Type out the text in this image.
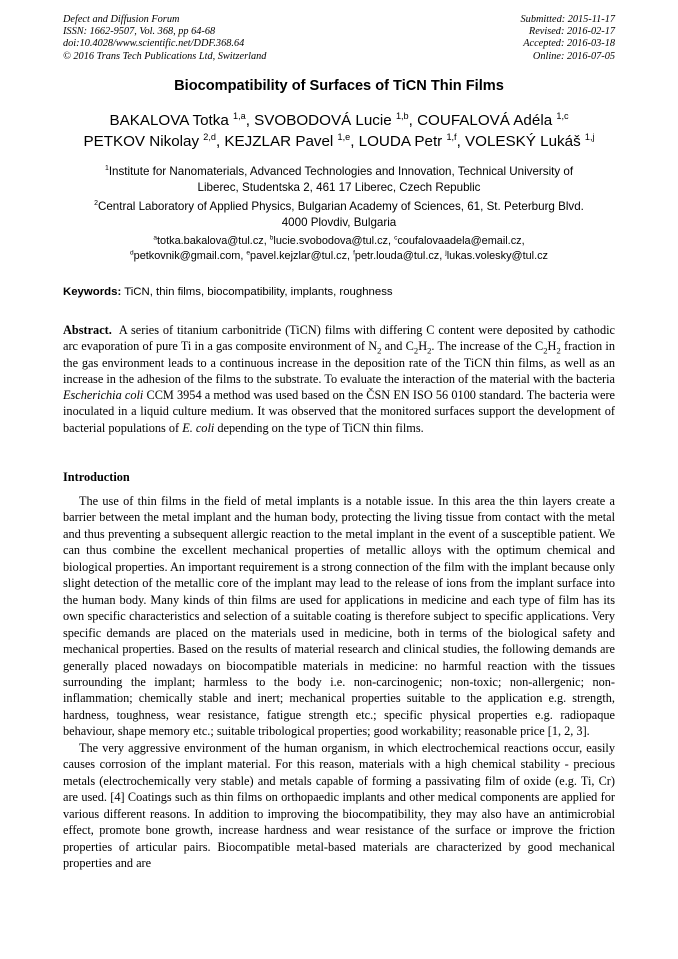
Defect and Diffusion Forum
ISSN: 1662-9507, Vol. 368, pp 64-68
doi:10.4028/www.scientific.net/DDF.368.64
© 2016 Trans Tech Publications Ltd, Switzerland
Submitted: 2015-11-17
Revised: 2016-02-17
Accepted: 2016-03-18
Online: 2016-07-05
Biocompatibility of Surfaces of TiCN Thin Films
BAKALOVA Totka $^{1,a}$, SVOBODOVÁ Lucie $^{1,b}$, COUFALOVÁ Adéla $^{1,c}$
PETKOV Nikolay $^{2,d}$, KEJZLAR Pavel $^{1,e}$, LOUDA Petr $^{1,f}$, VOLESKÝ Lukáš $^{1,j}$
$^1$Institute for Nanomaterials, Advanced Technologies and Innovation, Technical University of
Liberec, Studentska 2, 461 17 Liberec, Czech Republic
$^2$Central Laboratory of Applied Physics, Bulgarian Academy of Sciences, 61, St. Peterburg Blvd.
4000 Plovdiv, Bulgaria
$^a$totka.bakalova@tul.cz, $^b$lucie.svobodova@tul.cz, $^c$coufalovaadela@email.cz,
$^d$petkovnik@gmail.com, $^e$pavel.kejzlar@tul.cz, $^f$petr.louda@tul.cz, $^j$lukas.volesky@tul.cz
Keywords: TiCN, thin films, biocompatibility, implants, roughness
Abstract. A series of titanium carbonitride (TiCN) films with differing C content were deposited by cathodic arc evaporation of pure Ti in a gas composite environment of $N_2$ and $C_2H_2$. The increase of the $C_2H_2$ fraction in the gas environment leads to a continuous increase in the deposition rate of the TiCN thin films, as well as an increase in the adhesion of the films to the substrate. To evaluate the interaction of the material with the bacteria Escherichia coli CCM 3954 a method was used based on the ČSN EN ISO 56 0100 standard. The bacteria were inoculated in a liquid culture medium. It was observed that the monitored surfaces support the development of bacterial populations of E. coli depending on the type of TiCN thin films.
Introduction

The use of thin films in the field of metal implants is a notable issue. In this area the thin layers create a barrier between the metal implant and the human body, protecting the living tissue from contact with the metal and thus preventing a subsequent allergic reaction to the metal implant in the event of a susceptible patient. We can thus combine the excellent mechanical properties of metallic alloys with the optimum chemical and biological properties. An important requirement is a strong connection of the film with the implant because only slight detection of the metallic core of the implant may lead to the release of ions from the implant surface into the human body. Many kinds of thin films are used for applications in medicine and each type of film has its own specific characteristics and selection of a suitable coating is therefore subject to specific applications. Very specific demands are placed on the materials used in medicine, both in terms of the biological safety and mechanical properties. Based on the results of material research and clinical studies, the following demands are generally placed nowadays on biocompatible materials in medicine: no harmful reaction with the tissues surrounding the implant; harmless to the body i.e. non-carcinogenic; non-toxic; non-allergenic; non-inflammation; chemically stable and inert; mechanical properties suitable to the application e.g. strength, hardness, toughness, wear resistance, fatigue strength etc.; specific physical properties e.g. radiopaque behaviour, shape memory etc.; suitable tribological properties; good workability; reasonable price [1, 2, 3].

The very aggressive environment of the human organism, in which electrochemical reactions occur, easily causes corrosion of the implant material. For this reason, materials with a high chemical stability - precious metals (electrochemically very stable) and metals capable of forming a passivating film of oxide (e.g. Ti, Cr) are used. [4] Coatings such as thin films on orthopaedic implants and other medical components are applied for various different reasons. In addition to improving the biocompatibility, they may also have an antimicrobial effect, promote bone growth, increase hardness and wear resistance of the surface or improve the friction properties of articular pairs. Biocompatible metal-based materials are characterized by good mechanical properties and are
